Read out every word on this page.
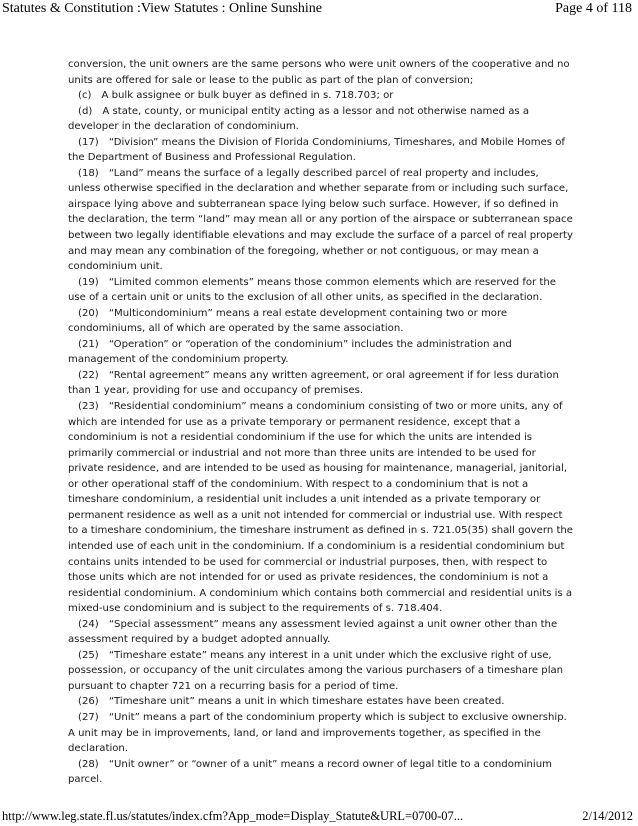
Statutes & Constitution :View Statutes : Online Sunshine	Page 4 of 118

conversion, the unit owners are the same persons who were unit owners of the cooperative and no units are offered for sale or lease to the public as part of the plan of conversion;

(c)  A bulk assignee or bulk buyer as defined in s. 718.703; or

(d)  A state, county, or municipal entity acting as a lessor and not otherwise named as a developer in the declaration of condominium.

(17)  “Division” means the Division of Florida Condominiums, Timeshares, and Mobile Homes of the Department of Business and Professional Regulation.

(18)  “Land” means the surface of a legally described parcel of real property and includes, unless otherwise specified in the declaration and whether separate from or including such surface, airspace lying above and subterranean space lying below such surface. However, if so defined in the declaration, the term “land” may mean all or any portion of the airspace or subterranean space between two legally identifiable elevations and may exclude the surface of a parcel of real property and may mean any combination of the foregoing, whether or not contiguous, or may mean a condominium unit.

(19)  “Limited common elements” means those common elements which are reserved for the use of a certain unit or units to the exclusion of all other units, as specified in the declaration.

(20)  “Multicondominium” means a real estate development containing two or more condominiums, all of which are operated by the same association.

(21)  “Operation” or “operation of the condominium” includes the administration and management of the condominium property.

(22)  “Rental agreement” means any written agreement, or oral agreement if for less duration than 1 year, providing for use and occupancy of premises.

(23)  “Residential condominium” means a condominium consisting of two or more units, any of which are intended for use as a private temporary or permanent residence, except that a condominium is not a residential condominium if the use for which the units are intended is primarily commercial or industrial and not more than three units are intended to be used for private residence, and are intended to be used as housing for maintenance, managerial, janitorial, or other operational staff of the condominium. With respect to a condominium that is not a timeshare condominium, a residential unit includes a unit intended as a private temporary or permanent residence as well as a unit not intended for commercial or industrial use. With respect to a timeshare condominium, the timeshare instrument as defined in s. 721.05(35) shall govern the intended use of each unit in the condominium. If a condominium is a residential condominium but contains units intended to be used for commercial or industrial purposes, then, with respect to those units which are not intended for or used as private residences, the condominium is not a residential condominium. A condominium which contains both commercial and residential units is a mixed-use condominium and is subject to the requirements of s. 718.404.

(24)  “Special assessment” means any assessment levied against a unit owner other than the assessment required by a budget adopted annually.

(25)  “Timeshare estate” means any interest in a unit under which the exclusive right of use, possession, or occupancy of the unit circulates among the various purchasers of a timeshare plan pursuant to chapter 721 on a recurring basis for a period of time.

(26)  “Timeshare unit” means a unit in which timeshare estates have been created.

(27)  “Unit” means a part of the condominium property which is subject to exclusive ownership. A unit may be in improvements, land, or land and improvements together, as specified in the declaration.

(28)  “Unit owner” or “owner of a unit” means a record owner of legal title to a condominium parcel.

http://www.leg.state.fl.us/statutes/index.cfm?App_mode=Display_Statute&URL=0700-07...	2/14/2012
